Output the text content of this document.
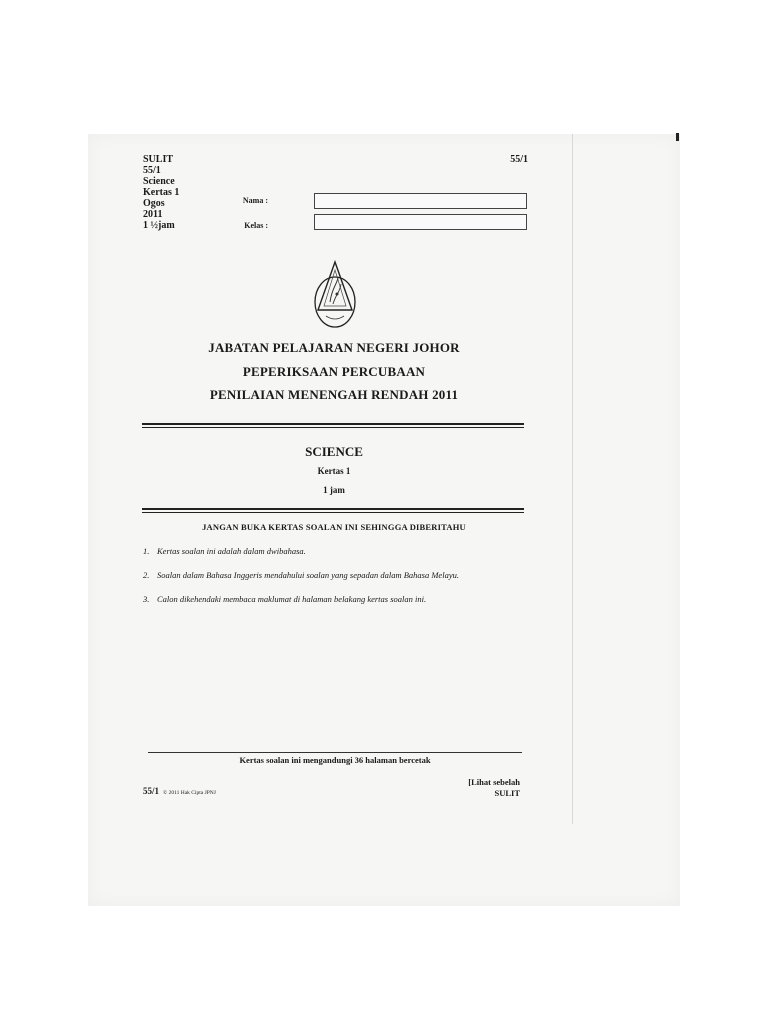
SULIT
55/1
Science
Kertas 1
Ogos
2011
1 ½jam
55/1
Nama :
Kelas :
JABATAN PELAJARAN NEGERI JOHOR
PEPERIKSAAN PERCUBAAN
PENILAIAN MENENGAH RENDAH 2011
SCIENCE
Kertas 1
1 jam
JANGAN BUKA KERTAS SOALAN INI SEHINGGA DIBERITAHU
1. Kertas soalan ini adalah dalam dwibahasa.
2. Soalan dalam Bahasa Inggeris mendahului soalan yang sepadan dalam Bahasa Melayu.
3. Calon dikehendaki membaca maklumat di halaman belakang kertas soalan ini.
Kertas soalan ini mengandungi 36 halaman bercetak
55/1 © 2011 Hak Cipta JPNJ
[Lihat sebelah
SULIT
